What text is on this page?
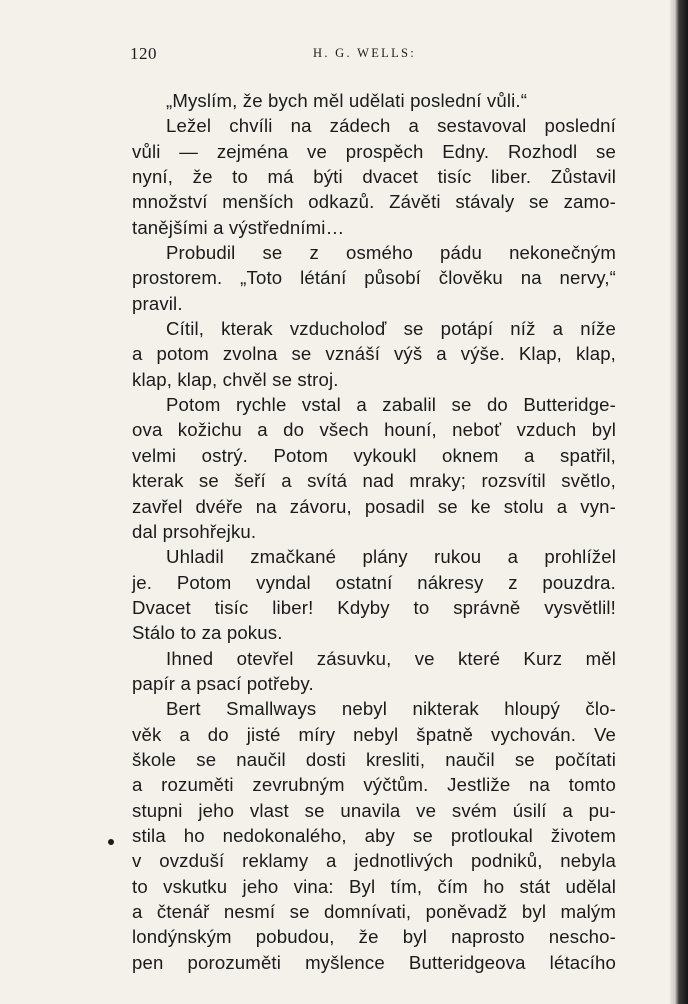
120	H. G. WELLS:
„Myslím, že bych měl udělati poslední vůli.“
Ležel chvíli na zádech a sestavoval poslední
vůli — zejména ve prospěch Edny. Rozhodl se
nyní, že to má býti dvacet tisíc liber. Zůstavil
množství menších odkazů. Závěti stávaly se zamo-
tanějšími a výstředními…
Probudil se z osmého pádu nekonečným
prostorem. „Toto létání působí člověku na nervy,“
pravil.
Cítil, kterak vzducholoď se potápí níž a níže
a potom zvolna se vznáší výš a výše. Klap, klap,
klap, klap, chvěl se stroj.
Potom rychle vstal a zabalil se do Butteridge-
ova kožichu a do všech houní, neboť vzduch byl
velmi ostrý. Potom vykoukl oknem a spatřil,
kterak se šeří a svítá nad mraky; rozsvítil světlo,
zavřel dvéře na závoru, posadil se ke stolu a vyn-
dal prsohřejku.
Uhladil zmačkané plány rukou a prohlížel
je. Potom vyndal ostatní nákresy z pouzdra.
Dvacet tisíc liber! Kdyby to správně vysvětlil!
Stálo to za pokus.
Ihned otevřel zásuvku, ve které Kurz měl
papír a psací potřeby.
Bert Smallways nebyl nikterak hloupý člo-
věk a do jisté míry nebyl špatně vychován. Ve
škole se naučil dosti kresliti, naučil se počítati
a rozuměti zevrubným výčtům. Jestliže na tomto
stupni jeho vlast se unavila ve svém úsilí a pu-
stila ho nedokonalého, aby se protloukal životem
v ovzduší reklamy a jednotlivých podniků, nebyla
to vskutku jeho vina: Byl tím, čím ho stát udělal
a čtenář nesmí se domnívati, poněvadž byl malým
londýnským pobudou, že byl naprosto nescho-
pen porozuměti myšlence Butteridgeova létacího
